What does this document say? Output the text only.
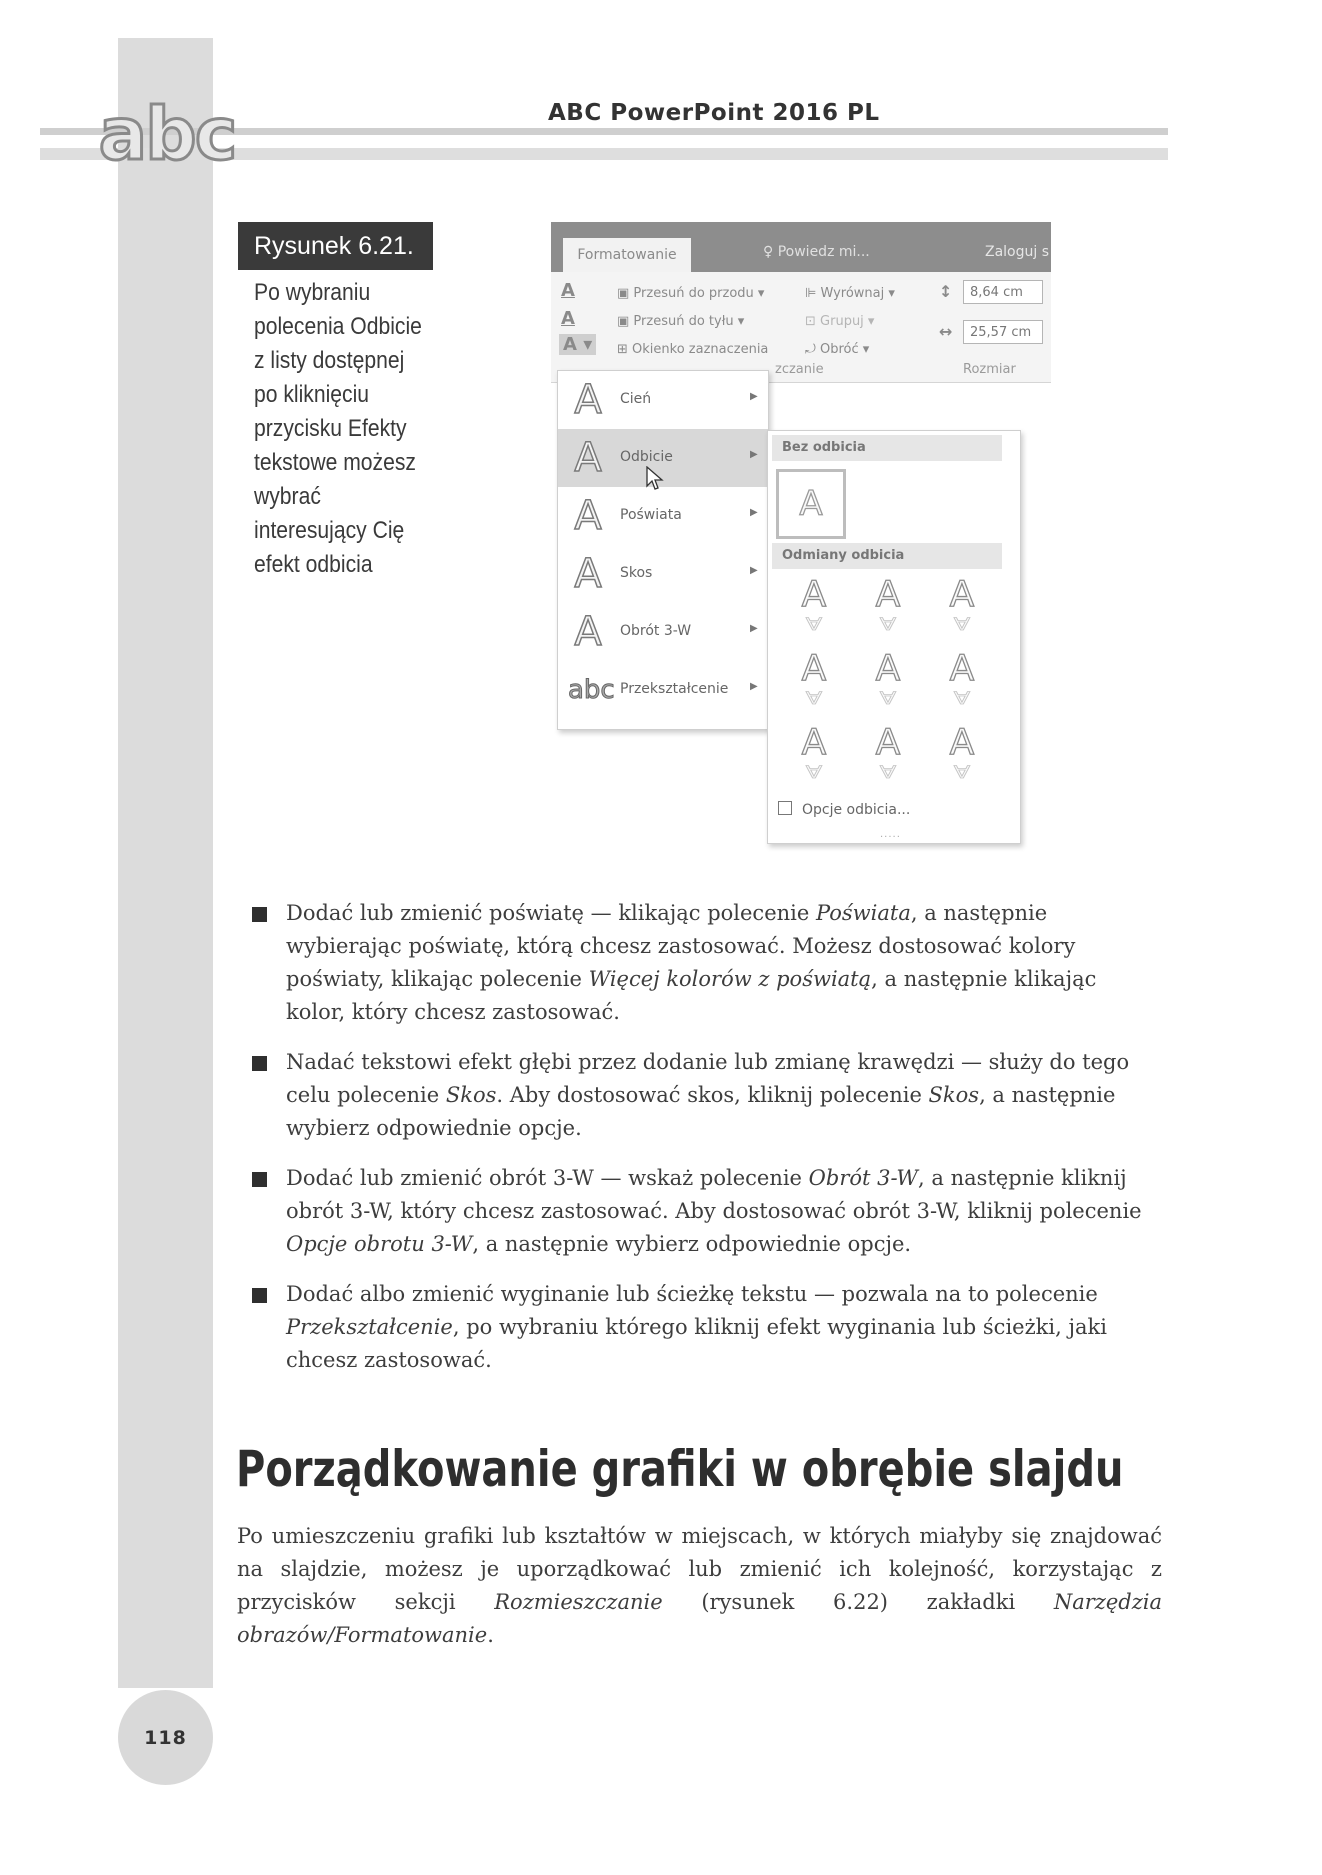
118
abc	ABC PowerPoint 2016 PL
Rysunek 6.21.
Po wybraniu polecenia Odbicie z listy dostępnej po kliknięciu przycisku Efekty tekstowe możesz wybrać interesujący Cię efekt odbicia
Formatowanie	♀ Powiedz mi...	Zaloguj s
A
A
A ▾
▣ Przesuń do przodu ▾
▣ Przesuń do tyłu ▾
⊞ Okienko zaznaczenia
⊫ Wyrównaj ▾
⊡ Grupuj ▾
⤾ Obróć ▾
↕	8,64 cm
↔	25,57 cm
zczanie	Rozmiar
A	Cień	▶
A	Odbicie	▶
A	Poświata	▶
A	Skos	▶
A	Obrót 3-W	▶
abc Przekształcenie ▶
Bez odbicia
A
Odmiany odbicia
A
A
A
A
A
A
A
A
A
A
A
A
A
A
A
A
A
A
Opcje odbicia...
.....
Dodać lub zmienić poświatę — klikając polecenie Poświata, a następnie wybierając poświatę, którą chcesz zastosować. Możesz dostosować kolory poświaty, klikając polecenie Więcej kolorów z poświatą, a następnie klikając kolor, który chcesz zastosować.
Nadać tekstowi efekt głębi przez dodanie lub zmianę krawędzi — służy do tego celu polecenie Skos. Aby dostosować skos, kliknij polecenie Skos, a następnie wybierz odpowiednie opcje.
Dodać lub zmienić obrót 3-W — wskaż polecenie Obrót 3-W, a następnie kliknij obrót 3-W, który chcesz zastosować. Aby dostosować obrót 3-W, kliknij polecenie Opcje obrotu 3-W, a następnie wybierz odpowiednie opcje.
Dodać albo zmienić wyginanie lub ścieżkę tekstu — pozwala na to polecenie Przekształcenie, po wybraniu którego kliknij efekt wyginania lub ścieżki, jaki chcesz zastosować.
Porządkowanie grafiki w obrębie slajdu
Po umieszczeniu grafiki lub kształtów w miejscach, w których miałyby się znajdować na slajdzie, możesz je uporządkować lub zmienić ich kolejność, korzystając z przycisków sekcji Rozmieszczanie (rysunek 6.22) zakładki Narzędzia obrazów/Formatowanie.
